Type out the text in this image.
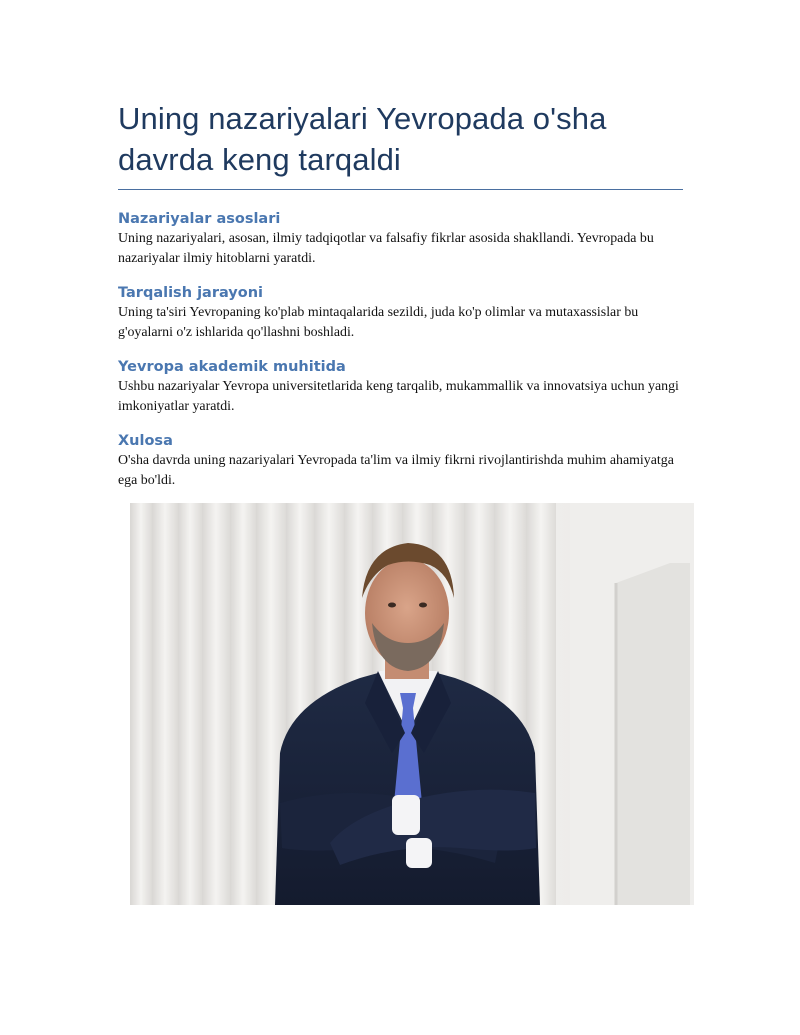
Uning nazariyalari Yevropada o'sha davrda keng tarqaldi
Nazariyalar asoslari

Uning nazariyalari, asosan, ilmiy tadqiqotlar va falsafiy fikrlar asosida shakllandi. Yevropada bu nazariyalar ilmiy hitoblarni yaratdi.

Tarqalish jarayoni

Uning ta'siri Yevropaning ko'plab mintaqalarida sezildi, juda ko'p olimlar va mutaxassislar bu g'oyalarni o'z ishlarida qo'llashni boshladi.

Yevropa akademik muhitida

Ushbu nazariyalar Yevropa universitetlarida keng tarqalib, mukammallik va innovatsiya uchun yangi imkoniyatlar yaratdi.

Xulosa

O'sha davrda uning nazariyalari Yevropada ta'lim va ilmiy fikrni rivojlantirishda muhim ahamiyatga ega bo'ldi.
